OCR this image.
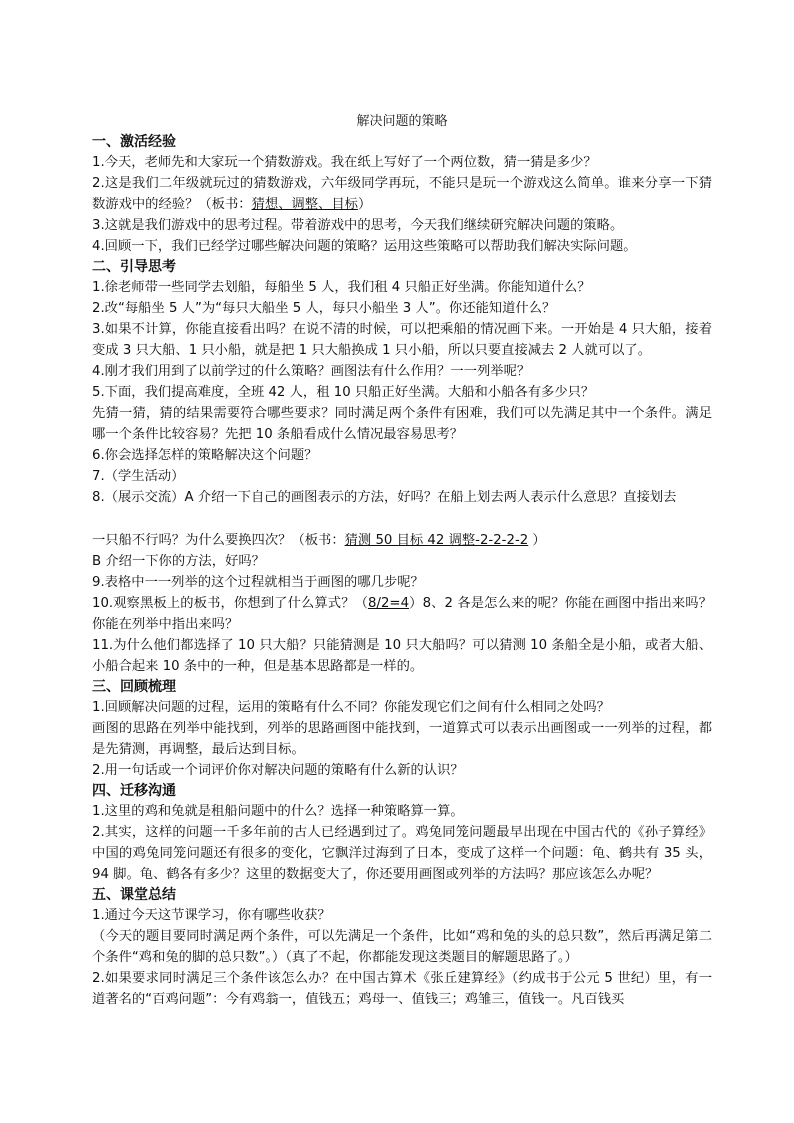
解决问题的策略
一、激活经验
1.今天，老师先和大家玩一个猜数游戏。我在纸上写好了一个两位数，猜一猜是多少？
2.这是我们二年级就玩过的猜数游戏，六年级同学再玩，不能只是玩一个游戏这么简单。谁来分享一下猜数游戏中的经验？（板书：猜想、调整、目标）
3.这就是我们游戏中的思考过程。带着游戏中的思考，今天我们继续研究解决问题的策略。
4.回顾一下，我们已经学过哪些解决问题的策略？运用这些策略可以帮助我们解决实际问题。
二、引导思考
1.徐老师带一些同学去划船，每船坐 5 人，我们租 4 只船正好坐满。你能知道什么？
2.改“每船坐 5 人”为“每只大船坐 5 人，每只小船坐 3 人”。你还能知道什么？
3.如果不计算，你能直接看出吗？在说不清的时候，可以把乘船的情况画下来。一开始是 4 只大船，接着变成 3 只大船、1 只小船，就是把 1 只大船换成 1 只小船，所以只要直接减去 2 人就可以了。
4.刚才我们用到了以前学过的什么策略？画图法有什么作用？一一列举呢？
5.下面，我们提高难度，全班 42 人，租 10 只船正好坐满。大船和小船各有多少只？
先猜一猜，猜的结果需要符合哪些要求？同时满足两个条件有困难，我们可以先满足其中一个条件。满足哪一个条件比较容易？先把 10 条船看成什么情况最容易思考？
6.你会选择怎样的策略解决这个问题？
7.（学生活动）
8.（展示交流）A 介绍一下自己的画图表示的方法，好吗？在船上划去两人表示什么意思？直接划去
一只船不行吗？为什么要换四次？（板书：猜测 50 目标 42 调整-2-2-2-2 ）
B 介绍一下你的方法，好吗？
9.表格中一一列举的这个过程就相当于画图的哪几步呢？
10.观察黑板上的板书，你想到了什么算式？（8/2=4）8、2 各是怎么来的呢？你能在画图中指出来吗？你能在列举中指出来吗？
11.为什么他们都选择了 10 只大船？只能猜测是 10 只大船吗？可以猜测 10 条船全是小船，或者大船、小船合起来 10 条中的一种，但是基本思路都是一样的。
三、回顾梳理
1.回顾解决问题的过程，运用的策略有什么不同？你能发现它们之间有什么相同之处吗？
画图的思路在列举中能找到，列举的思路画图中能找到，一道算式可以表示出画图或一一列举的过程，都是先猜测，再调整，最后达到目标。
2.用一句话或一个词评价你对解决问题的策略有什么新的认识？
四、迁移沟通
1.这里的鸡和兔就是租船问题中的什么？选择一种策略算一算。
2.其实，这样的问题一千多年前的古人已经遇到过了。鸡兔同笼问题最早出现在中国古代的《孙子算经》中国的鸡兔同笼问题还有很多的变化，它飘洋过海到了日本，变成了这样一个问题：龟、鹤共有 35 头，94 脚。龟、鹤各有多少？这里的数据变大了，你还要用画图或列举的方法吗？那应该怎么办呢？
五、课堂总结
1.通过今天这节课学习，你有哪些收获？
（今天的题目要同时满足两个条件，可以先满足一个条件，比如“鸡和兔的头的总只数”，然后再满足第二个条件“鸡和兔的脚的总只数”。）（真了不起，你都能发现这类题目的解题思路了。）
2.如果要求同时满足三个条件该怎么办？在中国古算术《张丘建算经》（约成书于公元 5 世纪）里，有一道著名的“百鸡问题”：今有鸡翁一，值钱五；鸡母一、值钱三；鸡雏三，值钱一。凡百钱买
